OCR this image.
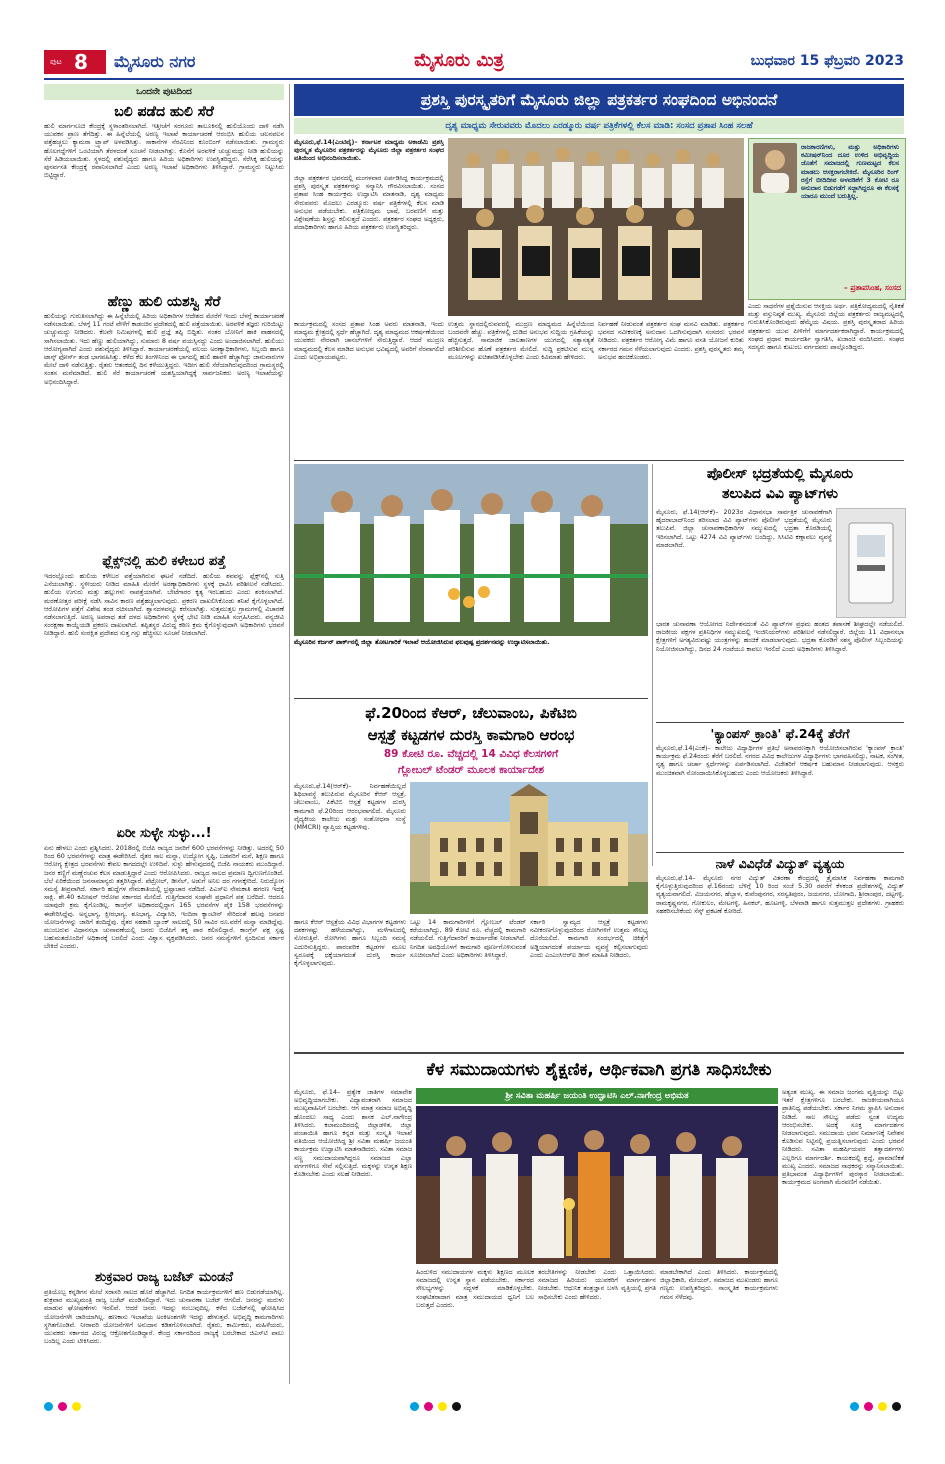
ಪುಟ 8 ಮೈಸೂರು ನಗರ	ಮೈಸೂರು ಮಿತ್ರ	ಬುಧವಾರ 15 ಫೆಬ್ರವರಿ 2023
ಒಂದನೇ ಪುಟದಿಂದ
ಬಲಿ ಪಡೆದ ಹುಲಿ ಸೆರೆ
ಹುಲಿ ಮಾರ್ಗಸೂಚಿ ಕೇಂದ್ರಕ್ಕೆ ಸ್ಥಳಾಂತರಿಸಲಾಗಿದೆ. ಇತ್ತೀಚೆಗೆ ಸರಗೂರು ತಾಲೂಕಿನಲ್ಲಿ ಹುಲಿಯೊಂದು ದಾಳಿ ನಡೆಸಿ ಯುವಕನ ಪ್ರಾಣ ತೆಗೆದಿತ್ತು. ಈ ಹಿನ್ನೆಲೆಯಲ್ಲಿ ಅರಣ್ಯ ಇಲಾಖೆ ಕಾರ್ಯಾಚರಣೆ ಆರಂಭಿಸಿ ಹುಲಿಯ ಚಲನವಲನ ಪತ್ತೆಹಚ್ಚಲು ಕ್ಯಾಮರಾ ಟ್ರ್ಯಾಪ್ ಅಳವಡಿಸಿತ್ತು. ಸಾಕಾನೆಗಳ ನೆರವಿನಿಂದ ಕೂಂಬಿಂಗ್ ನಡೆಸಲಾಯಿತು. ಗ್ರಾಮಸ್ಥರು ಹೊಲಗದ್ದೆಗಳಿಗೆ ಒಂಟಿಯಾಗಿ ತೆರಳದಂತೆ ಸೂಚನೆ ನೀಡಲಾಗಿತ್ತು. ಕೊನೆಗೆ ಅರವಳಿಕೆ ಚುಚ್ಚುಮದ್ದು ನೀಡಿ ಹುಲಿಯನ್ನು ಸೆರೆ ಹಿಡಿಯಲಾಯಿತು. ಸ್ಥಳದಲ್ಲಿ ಪಶುವೈದ್ಯರು ಹಾಗೂ ಹಿರಿಯ ಅಧಿಕಾರಿಗಳು ಉಪಸ್ಥಿತರಿದ್ದರು. ಸೆರೆಸಿಕ್ಕ ಹುಲಿಯನ್ನು ಪುನರ್ವಸತಿ ಕೇಂದ್ರಕ್ಕೆ ರವಾನಿಸಲಾಗಿದೆ ಎಂದು ಅರಣ್ಯ ಇಲಾಖೆ ಅಧಿಕಾರಿಗಳು ತಿಳಿಸಿದ್ದಾರೆ. ಗ್ರಾಮಸ್ಥರು ನಿಟ್ಟುಸಿರು ಬಿಟ್ಟಿದ್ದಾರೆ.
ಹೆಣ್ಣು ಹುಲಿ ಯಶಸ್ವಿ ಸೆರೆ
ಹುಲಿಯನ್ನು ಗುರುತಿಸಲಾಗಿದ್ದು ಈ ಹಿನ್ನೆಲೆಯಲ್ಲಿ ಹಿರಿಯ ಅಧಿಕಾರಿಗಳ ಆದೇಶದ ಮೇರೆಗೆ ಇಂದು ಬೆಳಗ್ಗೆ ಕಾರ್ಯಾಚರಣೆ ನಡೆಸಲಾಯಿತು. ಬೆಳಗ್ಗೆ 11 ಗಂಟೆ ವೇಳೆಗೆ ಕಾಡಂಚಿನ ಪ್ರದೇಶದಲ್ಲಿ ಹುಲಿ ಪತ್ತೆಯಾಯಿತು. ಅರವಳಿಕೆ ತಜ್ಞರು ಗುರಿಯಿಟ್ಟು ಚುಚ್ಚುಮದ್ದು ನೀಡಿದರು. ಕೆಲವೇ ನಿಮಿಷಗಳಲ್ಲಿ ಹುಲಿ ಪ್ರಜ್ಞೆ ತಪ್ಪಿ ಬಿದ್ದಿತು. ನಂತರ ಬೋನಿಗೆ ಹಾಕಿ ವಾಹನದಲ್ಲಿ ಸಾಗಿಸಲಾಯಿತು. ಇದು ಹೆಣ್ಣು ಹುಲಿಯಾಗಿದ್ದು, ಸುಮಾರು 8 ವರ್ಷ ವಯಸ್ಸಿನದ್ದು ಎಂದು ಅಂದಾಜಿಸಲಾಗಿದೆ. ಹುಲಿಯು ಆರೋಗ್ಯವಾಗಿದೆ ಎಂದು ಪಶುವೈದ್ಯರು ತಿಳಿಸಿದ್ದಾರೆ. ಕಾರ್ಯಾಚರಣೆಯಲ್ಲಿ ವಲಯ ಅರಣ್ಯಾಧಿಕಾರಿಗಳು, ಸಿಬ್ಬಂದಿ ಹಾಗೂ ಟಾಸ್ಕ್ ಫೋರ್ಸ್ ತಂಡ ಭಾಗವಹಿಸಿತ್ತು. ಕಳೆದ ಕೆಲ ತಿಂಗಳಿನಿಂದ ಈ ಭಾಗದಲ್ಲಿ ಹುಲಿ ಹಾವಳಿ ಹೆಚ್ಚಾಗಿದ್ದು ಜಾನುವಾರುಗಳ ಮೇಲೆ ದಾಳಿ ನಡೆಸುತ್ತಿತ್ತು. ರೈತರು ಆತಂಕದಲ್ಲಿ ದಿನ ಕಳೆಯುತ್ತಿದ್ದರು. ಇದೀಗ ಹುಲಿ ಸೆರೆಯಾಗಿರುವುದರಿಂದ ಗ್ರಾಮಸ್ಥರಲ್ಲಿ ಸಂತಸ ಮನೆಮಾಡಿದೆ. ಹುಲಿ ಸೆರೆ ಕಾರ್ಯಾಚರಣೆ ಯಶಸ್ವಿಯಾಗಿದ್ದಕ್ಕೆ ಸಾರ್ವಜನಿಕರು ಅರಣ್ಯ ಇಲಾಖೆಯನ್ನು ಅಭಿನಂದಿಸಿದ್ದಾರೆ.
ಫ್ಲೆಕ್ಸ್‌ನಲ್ಲಿ ಹುಲಿ ಕಳೇಬರ ಪತ್ತೆ
ಇದರಲ್ಲೊಂದು ಹುಲಿಯ ಕಳೇಬರ ಪತ್ತೆಯಾಗಿರುವ ಘಟನೆ ನಡೆದಿದೆ. ಹುಲಿಯ ಶವವನ್ನು ಫ್ಲೆಕ್ಸ್‌ನಲ್ಲಿ ಸುತ್ತಿ ಎಸೆಯಲಾಗಿತ್ತು. ಸ್ಥಳೀಯರು ನೀಡಿದ ಮಾಹಿತಿ ಮೇರೆಗೆ ಅರಣ್ಯಾಧಿಕಾರಿಗಳು ಸ್ಥಳಕ್ಕೆ ಧಾವಿಸಿ ಪರಿಶೀಲನೆ ನಡೆಸಿದರು. ಹುಲಿಯ ಉಗುರು ಮತ್ತು ಹಲ್ಲುಗಳು ನಾಪತ್ತೆಯಾಗಿವೆ. ಬೇಟೆಗಾರರ ಕೃತ್ಯ ಇರಬಹುದು ಎಂದು ಶಂಕಿಸಲಾಗಿದೆ. ಮರಣೋತ್ತರ ಪರೀಕ್ಷೆ ನಡೆಸಿ ಸಾವಿನ ಕಾರಣ ಪತ್ತೆಹಚ್ಚಲಾಗುವುದು. ಪ್ರಕರಣ ದಾಖಲಿಸಿಕೊಂಡು ತನಿಖೆ ಕೈಗೊಳ್ಳಲಾಗಿದೆ. ಆರೋಪಿಗಳ ಪತ್ತೆಗೆ ವಿಶೇಷ ತಂಡ ರಚಿಸಲಾಗಿದೆ. ಶ್ವಾನದಳವನ್ನೂ ಕರೆಸಲಾಗಿತ್ತು. ಸುತ್ತಮುತ್ತಲ ಗ್ರಾಮಗಳಲ್ಲಿ ವಿಚಾರಣೆ ನಡೆಸಲಾಗುತ್ತಿದೆ. ಅರಣ್ಯ ಅಪರಾಧ ತಡೆ ದಳದ ಅಧಿಕಾರಿಗಳು ಸ್ಥಳಕ್ಕೆ ಭೇಟಿ ನೀಡಿ ಮಾಹಿತಿ ಸಂಗ್ರಹಿಸಿದರು. ವನ್ಯಜೀವಿ ಸಂರಕ್ಷಣಾ ಕಾಯ್ದೆಯಡಿ ಪ್ರಕರಣ ದಾಖಲಾಗಿದೆ. ತಪ್ಪಿತಸ್ಥರ ವಿರುದ್ಧ ಕಠಿಣ ಕ್ರಮ ಕೈಗೊಳ್ಳುವುದಾಗಿ ಅಧಿಕಾರಿಗಳು ಭರವಸೆ ನೀಡಿದ್ದಾರೆ. ಹುಲಿ ಸಂರಕ್ಷಿತ ಪ್ರದೇಶದ ಸುತ್ತ ಗಸ್ತು ಹೆಚ್ಚಿಸಲು ಸೂಚನೆ ನೀಡಲಾಗಿದೆ.
ಏರೀ ಸುಳ್ಳೇ ಸುಳ್ಳು...!
ಏನು ಹೇಳಲು ಎಂದು ಪ್ರಶ್ನಿಸಿದರು. 2018ರಲ್ಲಿ ಬಿಜೆಪಿ ರಾಜ್ಯದ ಜನರಿಗೆ 600 ಭರವಸೆಗಳನ್ನು ನೀಡಿತ್ತು. ಅದರಲ್ಲಿ 50 ರಿಂದ 60 ಭರವಸೆಗಳನ್ನು ಮಾತ್ರ ಈಡೇರಿಸಿದೆ. ರೈತರ ಸಾಲ ಮನ್ನಾ, ಉದ್ಯೋಗ ಸೃಷ್ಟಿ, ಬಡವರಿಗೆ ಮನೆ, ಶಿಕ್ಷಣ ಹಾಗೂ ಆರೋಗ್ಯ ಕ್ಷೇತ್ರದ ಭರವಸೆಗಳು ಕೇವಲ ಕಾಗದದಲ್ಲೇ ಉಳಿದಿವೆ. ಸುಳ್ಳು ಹೇಳುವುದರಲ್ಲಿ ಬಿಜೆಪಿ ನಾಯಕರು ಮುಂದಿದ್ದಾರೆ. ಜನರ ಕಣ್ಣಿಗೆ ಮಣ್ಣೆರಚುವ ಕೆಲಸ ಮಾಡುತ್ತಿದ್ದಾರೆ ಎಂದು ಆರೋಪಿಸಿದರು. ರಾಜ್ಯದ ಸಾಲದ ಪ್ರಮಾಣ ದ್ವಿಗುಣಗೊಂಡಿದೆ. ಬೆಲೆ ಏರಿಕೆಯಿಂದ ಜನಸಾಮಾನ್ಯರು ತತ್ತರಿಸಿದ್ದಾರೆ. ಪೆಟ್ರೋಲ್, ಡೀಸೆಲ್, ಅಡುಗೆ ಅನಿಲ ದರ ಗಗನಕ್ಕೇರಿದೆ. ನಿರುದ್ಯೋಗ ಸಮಸ್ಯೆ ತೀವ್ರವಾಗಿದೆ. ಸರ್ಕಾರಿ ಹುದ್ದೆಗಳ ನೇಮಕಾತಿಯಲ್ಲಿ ಭ್ರಷ್ಟಾಚಾರ ನಡೆದಿದೆ. ಪಿಎಸ್‌ಐ ನೇಮಕಾತಿ ಹಗರಣ ಇದಕ್ಕೆ ಸಾಕ್ಷಿ. ಶೇ.40 ಕಮೀಷನ್ ಆರೋಪ ಸರ್ಕಾರದ ಮೇಲಿದೆ. ಗುತ್ತಿಗೆದಾರರ ಸಂಘವೇ ಪ್ರಧಾನಿಗೆ ಪತ್ರ ಬರೆದಿದೆ. ಆದರೂ ಯಾವುದೇ ಕ್ರಮ ಕೈಗೊಂಡಿಲ್ಲ. ಕಾಂಗ್ರೆಸ್ ಅಧಿಕಾರದಲ್ಲಿದ್ದಾಗ 165 ಭರವಸೆಗಳ ಪೈಕಿ 158 ಭರವಸೆಗಳನ್ನು ಈಡೇರಿಸಿದ್ದೆವು. ಅನ್ನಭಾಗ್ಯ, ಕ್ಷೀರಭಾಗ್ಯ, ಶೂಭಾಗ್ಯ, ವಿದ್ಯಾಸಿರಿ, ಇಂದಿರಾ ಕ್ಯಾಂಟೀನ್ ಸೇರಿದಂತೆ ಹಲವು ಜನಪರ ಯೋಜನೆಗಳನ್ನು ಜಾರಿಗೆ ತಂದಿದ್ದೆವು. ರೈತರ ಸಹಕಾರಿ ಬ್ಯಾಂಕ್ ಸಾಲದಲ್ಲಿ 50 ಸಾವಿರ ರೂ.ವರೆಗೆ ಮನ್ನಾ ಮಾಡಿದ್ದೆವು. ಮುಂಬರುವ ವಿಧಾನಸಭಾ ಚುನಾವಣೆಯಲ್ಲಿ ಜನರು ಬಿಜೆಪಿಗೆ ತಕ್ಕ ಪಾಠ ಕಲಿಸಲಿದ್ದಾರೆ. ಕಾಂಗ್ರೆಸ್ ಪಕ್ಷ ಸ್ಪಷ್ಟ ಬಹುಮತದೊಂದಿಗೆ ಅಧಿಕಾರಕ್ಕೆ ಬರಲಿದೆ ಎಂದು ವಿಶ್ವಾಸ ವ್ಯಕ್ತಪಡಿಸಿದರು. ಜನರ ಸಮಸ್ಯೆಗಳಿಗೆ ಸ್ಪಂದಿಸುವ ಸರ್ಕಾರ ಬೇಕಿದೆ ಎಂದರು.
ಶುಕ್ರವಾರ ರಾಜ್ಯ ಬಜೆಟ್ ಮಂಡನೆ
ಪ್ರತಿಯೊಬ್ಬ ಕನ್ನಡಿಗನ ಮೇಲೆ ಸರಾಸರಿ ಸಾಲದ ಹೊರೆ ಹೆಚ್ಚಾಗಿದೆ. ನಿಗದಿತ ಕಾರ್ಯಕ್ರಮಗಳಿಗೆ ಹಣ ಬಿಡುಗಡೆಯಾಗಿಲ್ಲ. ಶುಕ್ರವಾರ ಮುಖ್ಯಮಂತ್ರಿ ರಾಜ್ಯ ಬಜೆಟ್ ಮಂಡಿಸಲಿದ್ದಾರೆ. ಇದು ಚುನಾವಣಾ ಬಜೆಟ್ ಆಗಲಿದೆ. ಜನರನ್ನು ಮರುಳು ಮಾಡುವ ಘೋಷಣೆಗಳು ಇರಲಿವೆ. ಆದರೆ ಜನರು ಇದನ್ನು ನಂಬುವುದಿಲ್ಲ. ಕಳೆದ ಬಜೆಟ್‌ನಲ್ಲಿ ಘೋಷಿಸಿದ ಯೋಜನೆಗಳೇ ಜಾರಿಯಾಗಿಲ್ಲ. ಹಣಕಾಸು ಇಲಾಖೆಯ ಅಂಕಿಅಂಶಗಳೇ ಇದನ್ನು ಹೇಳುತ್ತವೆ. ಅಭಿವೃದ್ಧಿ ಕಾಮಗಾರಿಗಳು ಸ್ಥಗಿತಗೊಂಡಿವೆ. ನೀರಾವರಿ ಯೋಜನೆಗಳಿಗೆ ಅನುದಾನ ಕಡಿತಗೊಳಿಸಲಾಗಿದೆ. ರೈತರು, ಕಾರ್ಮಿಕರು, ಮಹಿಳೆಯರು, ಯುವಕರು ಸರ್ಕಾರದ ವಿರುದ್ಧ ಆಕ್ರೋಶಗೊಂಡಿದ್ದಾರೆ. ಕೇಂದ್ರ ಸರ್ಕಾರದಿಂದ ರಾಜ್ಯಕ್ಕೆ ಬರಬೇಕಾದ ಜಿಎಸ್‌ಟಿ ಪಾಲು ಬಂದಿಲ್ಲ ಎಂದು ಟೀಕಿಸಿದರು.
ಪ್ರಶಸ್ತಿ ಪುರಸ್ಕೃತರಿಗೆ ಮೈಸೂರು ಜಿಲ್ಲಾ ಪತ್ರಕರ್ತರ ಸಂಘದಿಂದ ಅಭಿನಂದನೆ
ದೃಶ್ಯ ಮಾಧ್ಯಮ ಸೇರುವವರು ಮೊದಲು ಎರಡ್ಮೂರು ವರ್ಷ ಪತ್ರಿಕೆಗಳಲ್ಲಿ ಕೆಲಸ ಮಾಡಿ: ಸಂಸದ ಪ್ರತಾಪ ಸಿಂಹ ಸಲಹೆ
ಮೈಸೂರು,ಫೆ.14(ಎಂಟಿವೈ)– ಕರ್ನಾಟಕ ಮಾಧ್ಯಮ ಅಕಾಡೆಮಿ ಪ್ರಶಸ್ತಿ ಪುರಸ್ಕೃತ ಮೈಸೂರಿನ ಪತ್ರಕರ್ತರನ್ನು ಮೈಸೂರು ಜಿಲ್ಲಾ ಪತ್ರಕರ್ತರ ಸಂಘದ ವತಿಯಿಂದ ಅಭಿನಂದಿಸಲಾಯಿತು.
ಜಿಲ್ಲಾ ಪತ್ರಕರ್ತರ ಭವನದಲ್ಲಿ ಮಂಗಳವಾರ ಏರ್ಪಡಿಸಿದ್ದ ಕಾರ್ಯಕ್ರಮದಲ್ಲಿ ಪ್ರಶಸ್ತಿ ಪುರಸ್ಕೃತ ಪತ್ರಕರ್ತರನ್ನು ಸನ್ಮಾನಿಸಿ ಗೌರವಿಸಲಾಯಿತು. ಸಂಸದ ಪ್ರತಾಪ ಸಿಂಹ ಕಾರ್ಯಕ್ರಮ ಉದ್ಘಾಟಿಸಿ ಮಾತನಾಡಿ, ದೃಶ್ಯ ಮಾಧ್ಯಮ ಸೇರುವವರು ಮೊದಲು ಎರಡ್ಮೂರು ವರ್ಷ ಪತ್ರಿಕೆಗಳಲ್ಲಿ ಕೆಲಸ ಮಾಡಿ ಅನುಭವ ಪಡೆಯಬೇಕು. ಪತ್ರಿಕೋದ್ಯಮ ಭಾಷೆ, ಬರವಣಿಗೆ ಮತ್ತು ವಿಶ್ಲೇಷಣೆಯ ಶಿಸ್ತನ್ನು ಕಲಿಸುತ್ತದೆ ಎಂದರು. ಪತ್ರಕರ್ತರ ಸಂಘದ ಅಧ್ಯಕ್ಷರು, ಪದಾಧಿಕಾರಿಗಳು ಹಾಗೂ ಹಿರಿಯ ಪತ್ರಕರ್ತರು ಉಪಸ್ಥಿತರಿದ್ದರು.
ರಾಜಕಾರಣಿಗಳು, ಮತ್ತು ಅಧಿಕಾರಿಗಳು ಕಮೀಷನ್‌ನಿಂದ ದೂರ ಉಳಿದ ಅಭಿವೃದ್ಧಿಯ ಜೊತೆಗೆ ಸಮಾಜದಲ್ಲಿ ಗುಣಮಟ್ಟದ ಕೆಲಸ ಮಾಡಲು ಆಸಕ್ತರಾಗಬೇಕಿದೆ. ಮೈಸೂರಿನ ರಿಂಗ್ ರಸ್ತೆಗೆ ಬೀದಿದೀಪ ಅಳವಡಿಕೆಗೆ 3 ಕೋಟಿ ರೂ ಅನುದಾನ ಬಿಡುಗಡೆಗೆ ಸಜ್ಜಾಗಿದ್ದರೂ ಈ ಕೆಲಸಕ್ಕೆ ಯಾರೂ ಮುಂದೆ ಬರುತ್ತಿಲ್ಲ.
– ಪ್ರತಾಪಸಿಂಹ, ಸಂಸದ
ಎಂದು ಸಾಧನೆಗಳ ಪ್ರಶ್ನೆಯಿಸುವ ಆಸಕ್ತಿಯ ಅರ್ಥ. ಪತ್ರಿಕೋದ್ಯಮದಲ್ಲಿ ನೈತಿಕತೆ ಮತ್ತು ವಸ್ತುನಿಷ್ಠತೆ ಮುಖ್ಯ. ಮೈಸೂರು ಜಿಲ್ಲೆಯ ಪತ್ರಕರ್ತರು ರಾಜ್ಯಮಟ್ಟದಲ್ಲಿ ಗುರುತಿಸಿಕೊಂಡಿರುವುದು ಹೆಮ್ಮೆಯ ವಿಷಯ. ಪ್ರಶಸ್ತಿ ಪುರಸ್ಕೃತರಾದ ಹಿರಿಯ ಪತ್ರಕರ್ತರು ಯುವ ಪೀಳಿಗೆಗೆ ಮಾರ್ಗದರ್ಶಕರಾಗಿದ್ದಾರೆ. ಕಾರ್ಯಕ್ರಮದಲ್ಲಿ ಸಂಘದ ಪ್ರಧಾನ ಕಾರ್ಯದರ್ಶಿ ಸ್ವಾಗತಿಸಿ, ಖಜಾಂಚಿ ವಂದಿಸಿದರು. ಸಂಘದ ಸದಸ್ಯರು ಹಾಗೂ ಕುಟುಂಬ ವರ್ಗದವರು ಪಾಲ್ಗೊಂಡಿದ್ದರು.
ಉತ್ತಮ ಸ್ಥಾನದಲ್ಲಿರುವವರಲ್ಲಿ ಮುದ್ರಣ ಮಾಧ್ಯಮದ ಹಿನ್ನೆಲೆಯಿಂದ ಬಂದವರೇ ಹೆಚ್ಚು. ಪತ್ರಿಕೆಗಳಲ್ಲಿ ದುಡಿದ ಅನುಭವ ಸುದ್ದಿಯ ಗ್ರಹಿಕೆಯನ್ನು ಹೆಚ್ಚಿಸುತ್ತದೆ. ಸಾಮಾಜಿಕ ಜಾಲತಾಣಗಳ ಯುಗದಲ್ಲಿ ಸತ್ಯಾಸತ್ಯತೆ ಪರಿಶೀಲಿಸುವ ಹೊಣೆ ಪತ್ರಕರ್ತರ ಮೇಲಿದೆ. ಸುದ್ದಿ ಪ್ರಕಟಿಸುವ ಮುನ್ನ ಮೂಲಗಳನ್ನು ಖಚಿತಪಡಿಸಿಕೊಳ್ಳಬೇಕು ಎಂದು ಕಿವಿಮಾತು ಹೇಳಿದರು.
ನಿರ್ವಹಣೆ ನೀಡುವಂತೆ ಪತ್ರಕರ್ತರ ಸಂಘ ಮನವಿ ಮಾಡಿತು. ಪತ್ರಕರ್ತರ ಭವನದ ನವೀಕರಣಕ್ಕೆ ಅನುದಾನ ಒದಗಿಸುವುದಾಗಿ ಸಂಸದರು ಭರವಸೆ ನೀಡಿದರು. ಪತ್ರಕರ್ತರ ಆರೋಗ್ಯ ವಿಮೆ ಹಾಗೂ ವಸತಿ ಯೋಜನೆ ಕುರಿತು ಸರ್ಕಾರದ ಗಮನ ಸೆಳೆಯಲಾಗುವುದು ಎಂದರು. ಪ್ರಶಸ್ತಿ ಪುರಸ್ಕೃತರು ತಮ್ಮ ಅನುಭವ ಹಂಚಿಕೊಂಡರು.
ಕಾರ್ಯಕ್ರಮದಲ್ಲಿ ಸಂಸದ ಪ್ರತಾಪ ಸಿಂಹ ಅವರು ಮಾತನಾಡಿ, ಇಂದು ಮಾಧ್ಯಮ ಕ್ಷೇತ್ರದಲ್ಲಿ ಸ್ಪರ್ಧೆ ಹೆಚ್ಚಾಗಿದೆ. ದೃಶ್ಯ ಮಾಧ್ಯಮದ ಆಕರ್ಷಣೆಯಿಂದ ಯುವಕರು ನೇರವಾಗಿ ಚಾನಲ್‌ಗಳಿಗೆ ಸೇರುತ್ತಿದ್ದಾರೆ. ಆದರೆ ಮುದ್ರಣ ಮಾಧ್ಯಮದಲ್ಲಿ ಕೆಲಸ ಮಾಡಿದ ಅನುಭವ ಭವಿಷ್ಯದಲ್ಲಿ ಅವರಿಗೆ ನೆರವಾಗಲಿದೆ ಎಂದು ಅಭಿಪ್ರಾಯಪಟ್ಟರು.
ಮೈಸೂರಿನ ಕರ್ಜನ್ ಪಾರ್ಕ್‌ನಲ್ಲಿ ಜಿಲ್ಲಾ ತೋಟಗಾರಿಕೆ ಇಲಾಖೆ ಆಯೋಜಿಸಿರುವ ಫಲಪುಷ್ಪ ಪ್ರದರ್ಶನವನ್ನು ಉದ್ಘಾಟಿಸಲಾಯಿತು.
ಪೊಲೀಸ್ ಭದ್ರತೆಯಲ್ಲಿ ಮೈಸೂರು
ತಲುಪಿದ ವಿವಿ ಪ್ಯಾಟ್‌ಗಳು
ಮೈಸೂರು, ಫೆ.14(ಆರ್‌ಕೆ)– 2023ರ ವಿಧಾನಸಭಾ ಸಾರ್ವತ್ರಿಕ ಚುನಾವಣೆಗಾಗಿ ಹೈದರಾಬಾದ್‌ನಿಂದ ತರಿಸಲಾದ ವಿವಿ ಪ್ಯಾಟ್‌ಗಳು ಪೊಲೀಸ್ ಭದ್ರತೆಯಲ್ಲಿ ಮೈಸೂರು ತಲುಪಿವೆ. ಜಿಲ್ಲಾ ಚುನಾವಣಾಧಿಕಾರಿಗಳ ಸಮ್ಮುಖದಲ್ಲಿ ಭದ್ರತಾ ಕೊಠಡಿಯಲ್ಲಿ ಇರಿಸಲಾಗಿದೆ. ಒಟ್ಟು 4274 ವಿವಿ ಪ್ಯಾಟ್‌ಗಳು ಬಂದಿದ್ದು, ಸಿಸಿಟಿವಿ ಕಣ್ಗಾವಲು ವ್ಯವಸ್ಥೆ ಮಾಡಲಾಗಿದೆ.
ಭಾರತ ಚುನಾವಣಾ ಆಯೋಗದ ನಿರ್ದೇಶನದಂತೆ ವಿವಿ ಪ್ಯಾಟ್‌ಗಳ ಪ್ರಥಮ ಹಂತದ ತಪಾಸಣೆ ಶೀಘ್ರದಲ್ಲೇ ನಡೆಯಲಿದೆ. ರಾಜಕೀಯ ಪಕ್ಷಗಳ ಪ್ರತಿನಿಧಿಗಳ ಸಮ್ಮುಖದಲ್ಲಿ ಇಂಜಿನಿಯರ್‌ಗಳು ಪರಿಶೀಲನೆ ನಡೆಸಲಿದ್ದಾರೆ. ಜಿಲ್ಲೆಯ 11 ವಿಧಾನಸಭಾ ಕ್ಷೇತ್ರಗಳಿಗೆ ಅಗತ್ಯವಿರುವಷ್ಟು ಯಂತ್ರಗಳನ್ನು ಹಂಚಿಕೆ ಮಾಡಲಾಗುವುದು. ಭದ್ರತಾ ಕೊಠಡಿಗೆ ಸಶಸ್ತ್ರ ಪೊಲೀಸ್ ಸಿಬ್ಬಂದಿಯನ್ನು ನಿಯೋಜಿಸಲಾಗಿದ್ದು, ದಿನದ 24 ಗಂಟೆಯೂ ಕಾವಲು ಇರಲಿದೆ ಎಂದು ಅಧಿಕಾರಿಗಳು ತಿಳಿಸಿದ್ದಾರೆ.
'ಕ್ಯಾಂಪಸ್ ಕ್ರಾಂತಿ' ಫೆ.24ಕ್ಕೆ ತೆರೆಗೆ
ಮೈಸೂರು,ಫೆ.14(ಎಂಕೆ)– ಕಾಲೇಜು ವಿದ್ಯಾರ್ಥಿಗಳ ಪ್ರತಿಭೆ ಅನಾವರಣಕ್ಕಾಗಿ ಆಯೋಜಿಸಲಾಗಿರುವ 'ಕ್ಯಾಂಪಸ್ ಕ್ರಾಂತಿ' ಕಾರ್ಯಕ್ರಮ ಫೆ.24ರಂದು ತೆರೆಗೆ ಬರಲಿದೆ. ನಗರದ ವಿವಿಧ ಕಾಲೇಜುಗಳ ವಿದ್ಯಾರ್ಥಿಗಳು ಭಾಗವಹಿಸಲಿದ್ದು, ನಾಟಕ, ಸಂಗೀತ, ನೃತ್ಯ ಹಾಗೂ ಚರ್ಚಾ ಸ್ಪರ್ಧೆಗಳನ್ನು ಏರ್ಪಡಿಸಲಾಗಿದೆ. ವಿಜೇತರಿಗೆ ಆಕರ್ಷಕ ಬಹುಮಾನ ನೀಡಲಾಗುವುದು. ಆಸಕ್ತರು ಮುಂಚಿತವಾಗಿ ನೋಂದಾಯಿಸಿಕೊಳ್ಳಬಹುದು ಎಂದು ಆಯೋಜಕರು ತಿಳಿಸಿದ್ದಾರೆ.
ನಾಳೆ ವಿವಿಧೆಡೆ ವಿದ್ಯುತ್ ವ್ಯತ್ಯಯ
ಮೈಸೂರು,ಫೆ.14– ಮೈಸೂರು ನಗರ ವಿದ್ಯುತ್ ವಿತರಣಾ ಕೇಂದ್ರದಲ್ಲಿ ತ್ರೈಮಾಸಿಕ ನಿರ್ವಹಣಾ ಕಾಮಗಾರಿ ಕೈಗೊಳ್ಳುತ್ತಿರುವುದರಿಂದ ಫೆ.16ರಂದು ಬೆಳಿಗ್ಗೆ 10 ರಿಂದ ಸಂಜೆ 5.30 ರವರೆಗೆ ಕೆಳಕಂಡ ಪ್ರದೇಶಗಳಲ್ಲಿ ವಿದ್ಯುತ್ ವ್ಯತ್ಯಯವಾಗಲಿದೆ. ವಿಜಯನಗರ, ಹೆಬ್ಬಾಳ, ಕುವೆಂಪುನಗರ, ಸರಸ್ವತಿಪುರಂ, ಜಯನಗರ, ಬೋಗಾದಿ, ಶ್ರೀರಾಂಪುರ, ದಟ್ಟಗಳ್ಳಿ, ರಾಮಕೃಷ್ಣನಗರ, ಗೋಕುಲಂ, ಮೇಟಗಳ್ಳಿ, ಹಿನಕಲ್, ಹೂಟಗಳ್ಳಿ, ಬೆಳವಾಡಿ ಹಾಗೂ ಸುತ್ತಮುತ್ತಲ ಪ್ರದೇಶಗಳು. ಗ್ರಾಹಕರು ಸಹಕರಿಸಬೇಕೆಂದು ಸೆಸ್ಕ್ ಪ್ರಕಟಣೆ ಕೋರಿದೆ.
ಫೆ.20ರಿಂದ ಕೆಆರ್, ಚೆಲುವಾಂಬ, ಪಿಕೆಟಿಬಿ
ಆಸ್ಪತ್ರೆ ಕಟ್ಟಡಗಳ ದುರಸ್ತಿ ಕಾಮಗಾರಿ ಆರಂಭ
89 ಕೋಟಿ ರೂ. ವೆಚ್ಚದಲ್ಲಿ 14 ವಿವಿಧ ಕೆಲಸಗಳಿಗೆ
ಗ್ಲೋಬಲ್ ಟೆಂಡರ್ ಮೂಲಕ ಕಾರ್ಯಾದೇಶ
ಮೈಸೂರು,ಫೆ.14(ಆರ್‌ಕೆ)– ನಿರ್ವಹಣೆಯಿಲ್ಲದೆ ಶಿಥಿಲಾವಸ್ಥೆ ತಲುಪಿರುವ ಮೈಸೂರಿನ ಕೆಆರ್ ಆಸ್ಪತ್ರೆ, ಚೆಲುವಾಂಬ, ಪಿಕೆಟಿಬಿ ಆಸ್ಪತ್ರೆ ಕಟ್ಟಡಗಳ ದುರಸ್ತಿ ಕಾಮಗಾರಿ ಫೆ.20ರಿಂದ ಆರಂಭವಾಗಲಿದೆ. ಮೈಸೂರು ವೈದ್ಯಕೀಯ ಕಾಲೇಜು ಮತ್ತು ಸಂಶೋಧನಾ ಸಂಸ್ಥೆ (MMCRI) ವ್ಯಾಪ್ತಿಯ ಕಟ್ಟಡಗಳಿವು.
ಹಾಗೂ ಕೆಆರ್ ಆಸ್ಪತ್ರೆಯ ವಿವಿಧ ವಿಭಾಗಗಳ ಕಟ್ಟಡಗಳು ದಶಕಗಳಷ್ಟು ಹಳೆಯದಾಗಿದ್ದು, ಮಳೆಗಾಲದಲ್ಲಿ ಸೋರುತ್ತಿವೆ. ರೋಗಿಗಳು ಹಾಗೂ ಸಿಬ್ಬಂದಿ ಸಮಸ್ಯೆ ಎದುರಿಸುತ್ತಿದ್ದರು. ಪಾರಂಪರಿಕ ಕಟ್ಟಡಗಳ ಮೂಲ ಸ್ವರೂಪಕ್ಕೆ ಧಕ್ಕೆಯಾಗದಂತೆ ದುರಸ್ತಿ ಕಾರ್ಯ ಕೈಗೊಳ್ಳಲಾಗುವುದು.
ಒಟ್ಟು 14 ಕಾಮಗಾರಿಗಳಿಗೆ ಗ್ಲೋಬಲ್ ಟೆಂಡರ್ ಕರೆಯಲಾಗಿದ್ದು, 89 ಕೋಟಿ ರೂ. ವೆಚ್ಚದಲ್ಲಿ ಕಾಮಗಾರಿ ನಡೆಯಲಿದೆ. ಗುತ್ತಿಗೆದಾರರಿಗೆ ಕಾರ್ಯಾದೇಶ ನೀಡಲಾಗಿದೆ. ನಿಗದಿತ ಅವಧಿಯೊಳಗೆ ಕಾಮಗಾರಿ ಪೂರ್ಣಗೊಳಿಸುವಂತೆ ಸೂಚಿಸಲಾಗಿದೆ ಎಂದು ಅಧಿಕಾರಿಗಳು ತಿಳಿಸಿದ್ದಾರೆ.
ಸರ್ಕಾರಿ ಸ್ವಾಮ್ಯದ ಆಸ್ಪತ್ರೆ ಕಟ್ಟಡಗಳು ನವೀಕರಣಗೊಳ್ಳುವುದರಿಂದ ರೋಗಿಗಳಿಗೆ ಉತ್ತಮ ಸೌಲಭ್ಯ ದೊರೆಯಲಿದೆ. ಕಾಮಗಾರಿ ಸಂದರ್ಭದಲ್ಲಿ ಚಿಕಿತ್ಸೆಗೆ ಅಡ್ಡಿಯಾಗದಂತೆ ಪರ್ಯಾಯ ವ್ಯವಸ್ಥೆ ಕಲ್ಪಿಸಲಾಗುವುದು ಎಂದು ಎಂಎಂಸಿಆರ್‌ಐ ಡೀನ್ ಮಾಹಿತಿ ನೀಡಿದರು.
ಕೆಳ ಸಮುದಾಯಗಳು ಶೈಕ್ಷಣಿಕ, ಆರ್ಥಿಕವಾಗಿ ಪ್ರಗತಿ ಸಾಧಿಸಬೇಕು
ಮೈಸೂರು, ಫೆ.14– ಪ್ರತ್ಯೇಕ ಜಾತಿಗಳ ಸಮಾವೇಶ ಅಭಿವೃದ್ಧಿಯಾಗಬೇಕು. ವಿದ್ಯಾವಂತರಾಗಿ ಸಮಾಜದ ಮುಖ್ಯವಾಹಿನಿಗೆ ಬರಬೇಕು. ಆಗ ಮಾತ್ರ ಸಮಾಜ ಅಭಿವೃದ್ಧಿ ಹೊಂದಲು ಸಾಧ್ಯ ಎಂದು ಶಾಸಕ ಎಲ್.ನಾಗೇಂದ್ರ ತಿಳಿಸಿದರು. ಕಲಾಮಂದಿರದಲ್ಲಿ ಜಿಲ್ಲಾಡಳಿತ, ಜಿಲ್ಲಾ ಪಂಚಾಯಿತಿ ಹಾಗೂ ಕನ್ನಡ ಮತ್ತು ಸಂಸ್ಕೃತಿ ಇಲಾಖೆ ವತಿಯಿಂದ ಆಯೋಜಿಸಿದ್ದ ಶ್ರೀ ಸವಿತಾ ಮಹರ್ಷಿ ಜಯಂತಿ ಕಾರ್ಯಕ್ರಮ ಉದ್ಘಾಟಿಸಿ ಮಾತನಾಡಿದರು. ಸವಿತಾ ಸಮಾಜ ಸಣ್ಣ ಸಮುದಾಯವಾಗಿದ್ದರೂ ಸಮಾಜದ ಎಲ್ಲಾ ವರ್ಗಗಳಿಗೂ ಸೇವೆ ಸಲ್ಲಿಸುತ್ತಿದೆ. ಮಕ್ಕಳನ್ನು ಉನ್ನತ ಶಿಕ್ಷಣ ಕೊಡಿಸಬೇಕು ಎಂದು ಸಲಹೆ ನೀಡಿದರು.
ಶ್ರೀ ಸವಿತಾ ಮಹರ್ಷಿ ಜಯಂತಿ ಉದ್ಘಾಟಿಸಿ ಎಲ್.ನಾಗೇಂದ್ರ ಅಭಿಮತ
ಹಿಂದುಳಿದ ಸಮುದಾಯಗಳ ಮಕ್ಕಳು ಶಿಕ್ಷಣದ ಮೂಲಕ ಸಮಾಜದಲ್ಲಿ ಉನ್ನತ ಸ್ಥಾನ ಪಡೆಯಬೇಕು. ಸರ್ಕಾರದ ಸೌಲಭ್ಯಗಳನ್ನು ಸದ್ಬಳಕೆ ಮಾಡಿಕೊಳ್ಳಬೇಕು. ಸಂಘಟಿತರಾದಾಗ ಮಾತ್ರ ಸಮುದಾಯದ ಧ್ವನಿಗೆ ಬಲ ಬರುತ್ತದೆ ಎಂದರು.
ತರಬೇತಿಗಳನ್ನು ನೀಡಬೇಕು ಎಂದು ಒತ್ತಾಯಿಸಿದರು. ಸಮಾಜದ ಹಿರಿಯರು ಯುವಕರಿಗೆ ಮಾರ್ಗದರ್ಶನ ನೀಡಬೇಕು. ಆಧುನಿಕ ತಂತ್ರಜ್ಞಾನ ಬಳಸಿ ವೃತ್ತಿಯಲ್ಲಿ ಪ್ರಗತಿ ಸಾಧಿಸಬೇಕು ಎಂದು ಹೇಳಿದರು.
ಮಾಡಬೇಕಾಗಿದೆ ಎಂದು ತಿಳಿಸಿದರು. ಕಾರ್ಯಕ್ರಮದಲ್ಲಿ ಜಿಲ್ಲಾಧಿಕಾರಿ, ಮೇಯರ್, ಸಮಾಜದ ಮುಖಂಡರು ಹಾಗೂ ಗಣ್ಯರು ಉಪಸ್ಥಿತರಿದ್ದರು. ಸಾಂಸ್ಕೃತಿಕ ಕಾರ್ಯಕ್ರಮಗಳು ಗಮನ ಸೆಳೆದವು.
ಅತ್ಯಂತ ಮುಖ್ಯ. ಈ ಸಮಾಜ ಜಂಗಮ ವೃತ್ತಿಯನ್ನು ಬಿಟ್ಟು ಇತರೆ ಕ್ಷೇತ್ರಗಳಿಗೂ ಬರಬೇಕು. ರಾಜಕೀಯವಾಗಿಯೂ ಪ್ರಾತಿನಿಧ್ಯ ಪಡೆಯಬೇಕು. ಸರ್ಕಾರ ನಿಗಮ ಸ್ಥಾಪಿಸಿ ಅನುದಾನ ನೀಡಿದೆ. ಸಾಲ ಸೌಲಭ್ಯ ಪಡೆದು ಸ್ವಂತ ಉದ್ಯಮ ಆರಂಭಿಸಬೇಕು. ಅದಕ್ಕೆ ಸೂಕ್ತ ಮಾರ್ಗದರ್ಶನ ನೀಡಲಾಗುವುದು. ಸಮುದಾಯ ಭವನ ನಿರ್ಮಾಣಕ್ಕೆ ನಿವೇಶನ ಕೊಡಿಸುವ ನಿಟ್ಟಿನಲ್ಲಿ ಪ್ರಯತ್ನಿಸಲಾಗುವುದು ಎಂದು ಭರವಸೆ ನೀಡಿದರು. ಸವಿತಾ ಮಹರ್ಷಿಯವರ ತತ್ವಾದರ್ಶಗಳು ಎಲ್ಲರಿಗೂ ಮಾರ್ಗದರ್ಶಿ. ಕಾಯಕದಲ್ಲಿ ಶ್ರದ್ಧೆ, ಪ್ರಾಮಾಣಿಕತೆ ಮುಖ್ಯ ಎಂದರು. ಸಮಾಜದ ಸಾಧಕರನ್ನು ಸನ್ಮಾನಿಸಲಾಯಿತು. ಪ್ರತಿಭಾವಂತ ವಿದ್ಯಾರ್ಥಿಗಳಿಗೆ ಪುರಸ್ಕಾರ ನೀಡಲಾಯಿತು. ಕಾರ್ಯಕ್ರಮದ ಅಂಗವಾಗಿ ಮೆರವಣಿಗೆ ನಡೆಯಿತು.
